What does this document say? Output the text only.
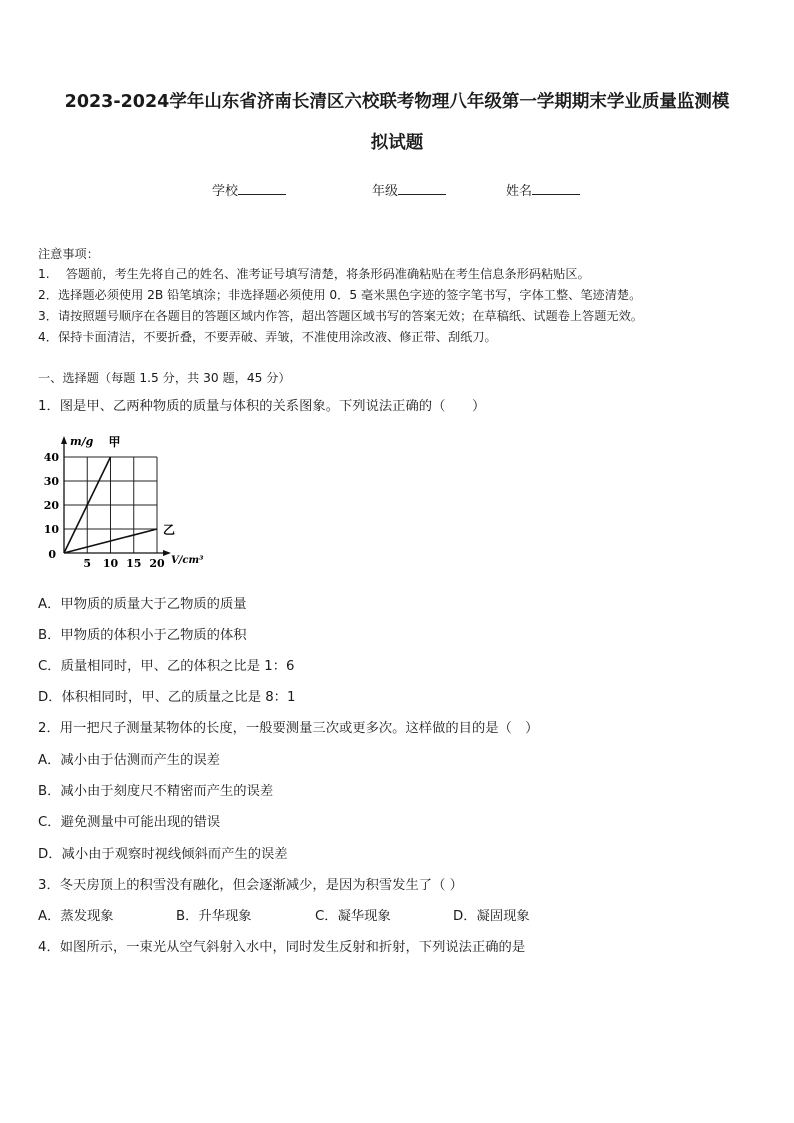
2023-2024学年山东省济南长清区六校联考物理八年级第一学期期末学业质量监测模
拟试题
学校	年级	姓名
注意事项：
1.　 答题前，考生先将自己的姓名、准考证号填写清楚，将条形码准确粘贴在考生信息条形码粘贴区。
2．选择题必须使用 2B 铅笔填涂；非选择题必须使用 0．5 毫米黑色字迹的签字笔书写，字体工整、笔迹清楚。
3．请按照题号顺序在各题目的答题区域内作答，超出答题区域书写的答案无效；在草稿纸、试题卷上答题无效。
4．保持卡面清洁，不要折叠，不要弄破、弄皱，不准使用涂改液、修正带、刮纸刀。
一、选择题（每题 1.5 分，共 30 题，45 分）
1．图是甲、乙两种物质的质量与体积的关系图象。下列说法正确的（　　）
5 10 15 20
10
20
30
40
0
m/g
V/cm³
甲
乙
A．甲物质的质量大于乙物质的质量
B．甲物质的体积小于乙物质的体积
C．质量相同时，甲、乙的体积之比是 1：6
D．体积相同时，甲、乙的质量之比是 8：1
2．用一把尺子测量某物体的长度，一般要测量三次或更多次。这样做的目的是（　）
A．减小由于估测而产生的误差
B．减小由于刻度尺不精密而产生的误差
C．避免测量中可能出现的错误
D．减小由于观察时视线倾斜而产生的误差
3．冬天房顶上的积雪没有融化，但会逐渐减少，是因为积雪发生了（ ）
A．蒸发现象	B．升华现象	C．凝华现象	D．凝固现象
4．如图所示，一束光从空气斜射入水中，同时发生反射和折射，下列说法正确的是
